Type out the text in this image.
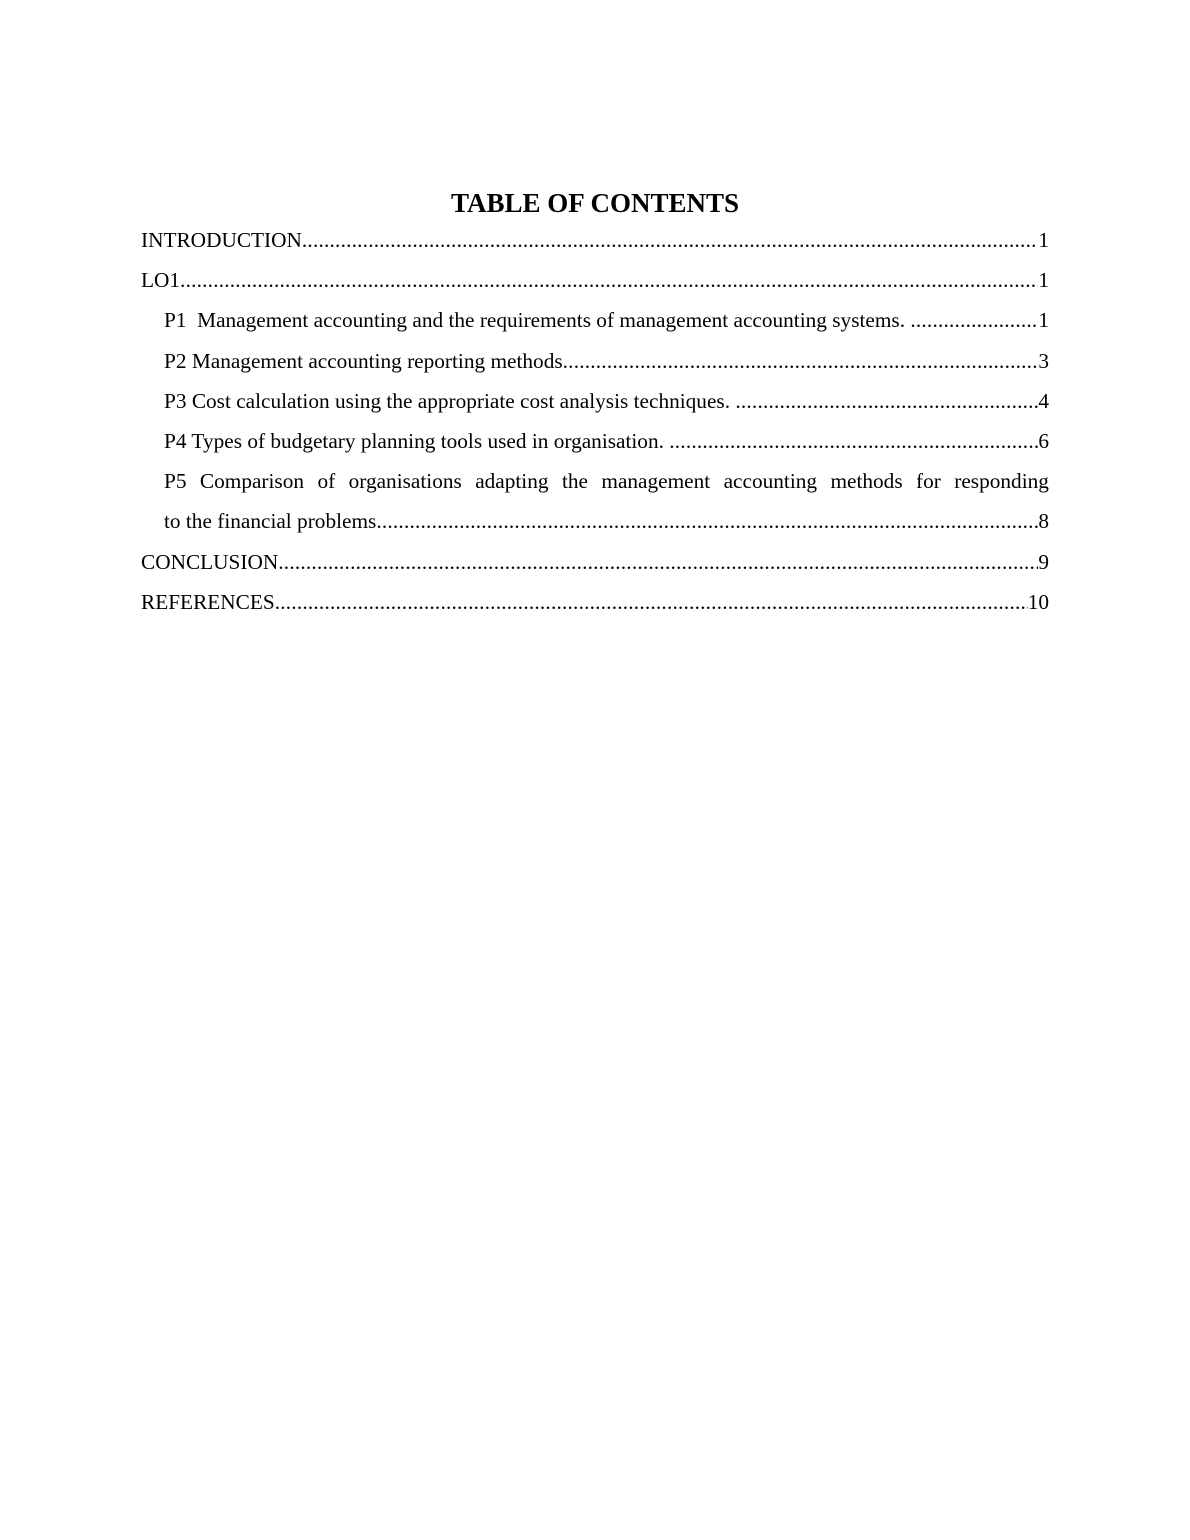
TABLE OF CONTENTS
INTRODUCTION .....	1
LO1 .....	1
P1  Management accounting and the requirements of management accounting systems. .....	1
P2 Management accounting reporting methods .....	3
P3 Cost calculation using the appropriate cost analysis techniques. .....	4
P4 Types of budgetary planning tools used in organisation. .....	6
P5 Comparison of organisations adapting the management accounting methods for responding
to the financial problems .....	8
CONCLUSION .....	9
REFERENCES .....	10
